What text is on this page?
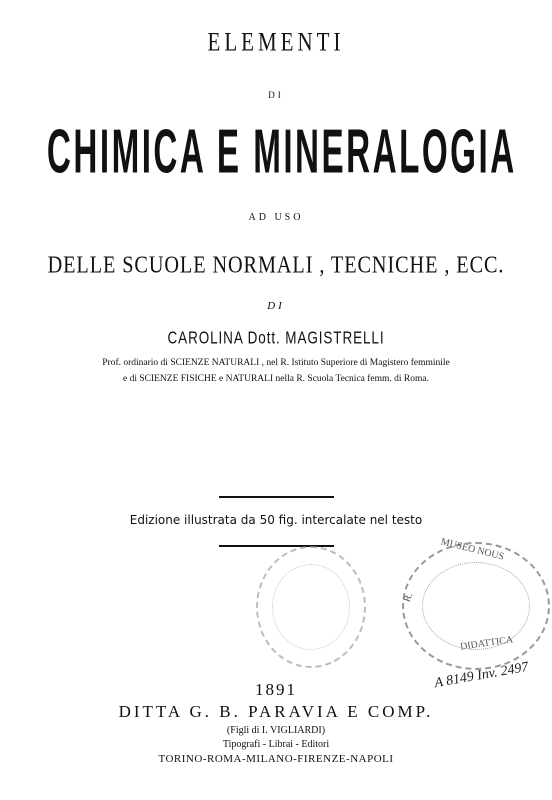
ELEMENTI
DI
CHIMICA E MINERALOGIA
AD USO
DELLE SCUOLE NORMALI , TECNICHE , ECC.
DI
CAROLINA Dott. MAGISTRELLI
Prof. ordinario di SCIENZE NATURALI , nel R. Istituto Superiore di Magistero femminile
e di SCIENZE FISICHE e NATURALI nella R. Scuola Tecnica femm. di Roma.
Edizione illustrata da 50 fig. intercalate nel testo
MUSEO NOUS
R.
DIDATTICA
A 8149 Inv. 2497
1891
DITTA G. B. PARAVIA E COMP.
(Figli di I. VIGLIARDI)
Tipografi - Librai - Editori
TORINO-ROMA-MILANO-FIRENZE-NAPOLI
